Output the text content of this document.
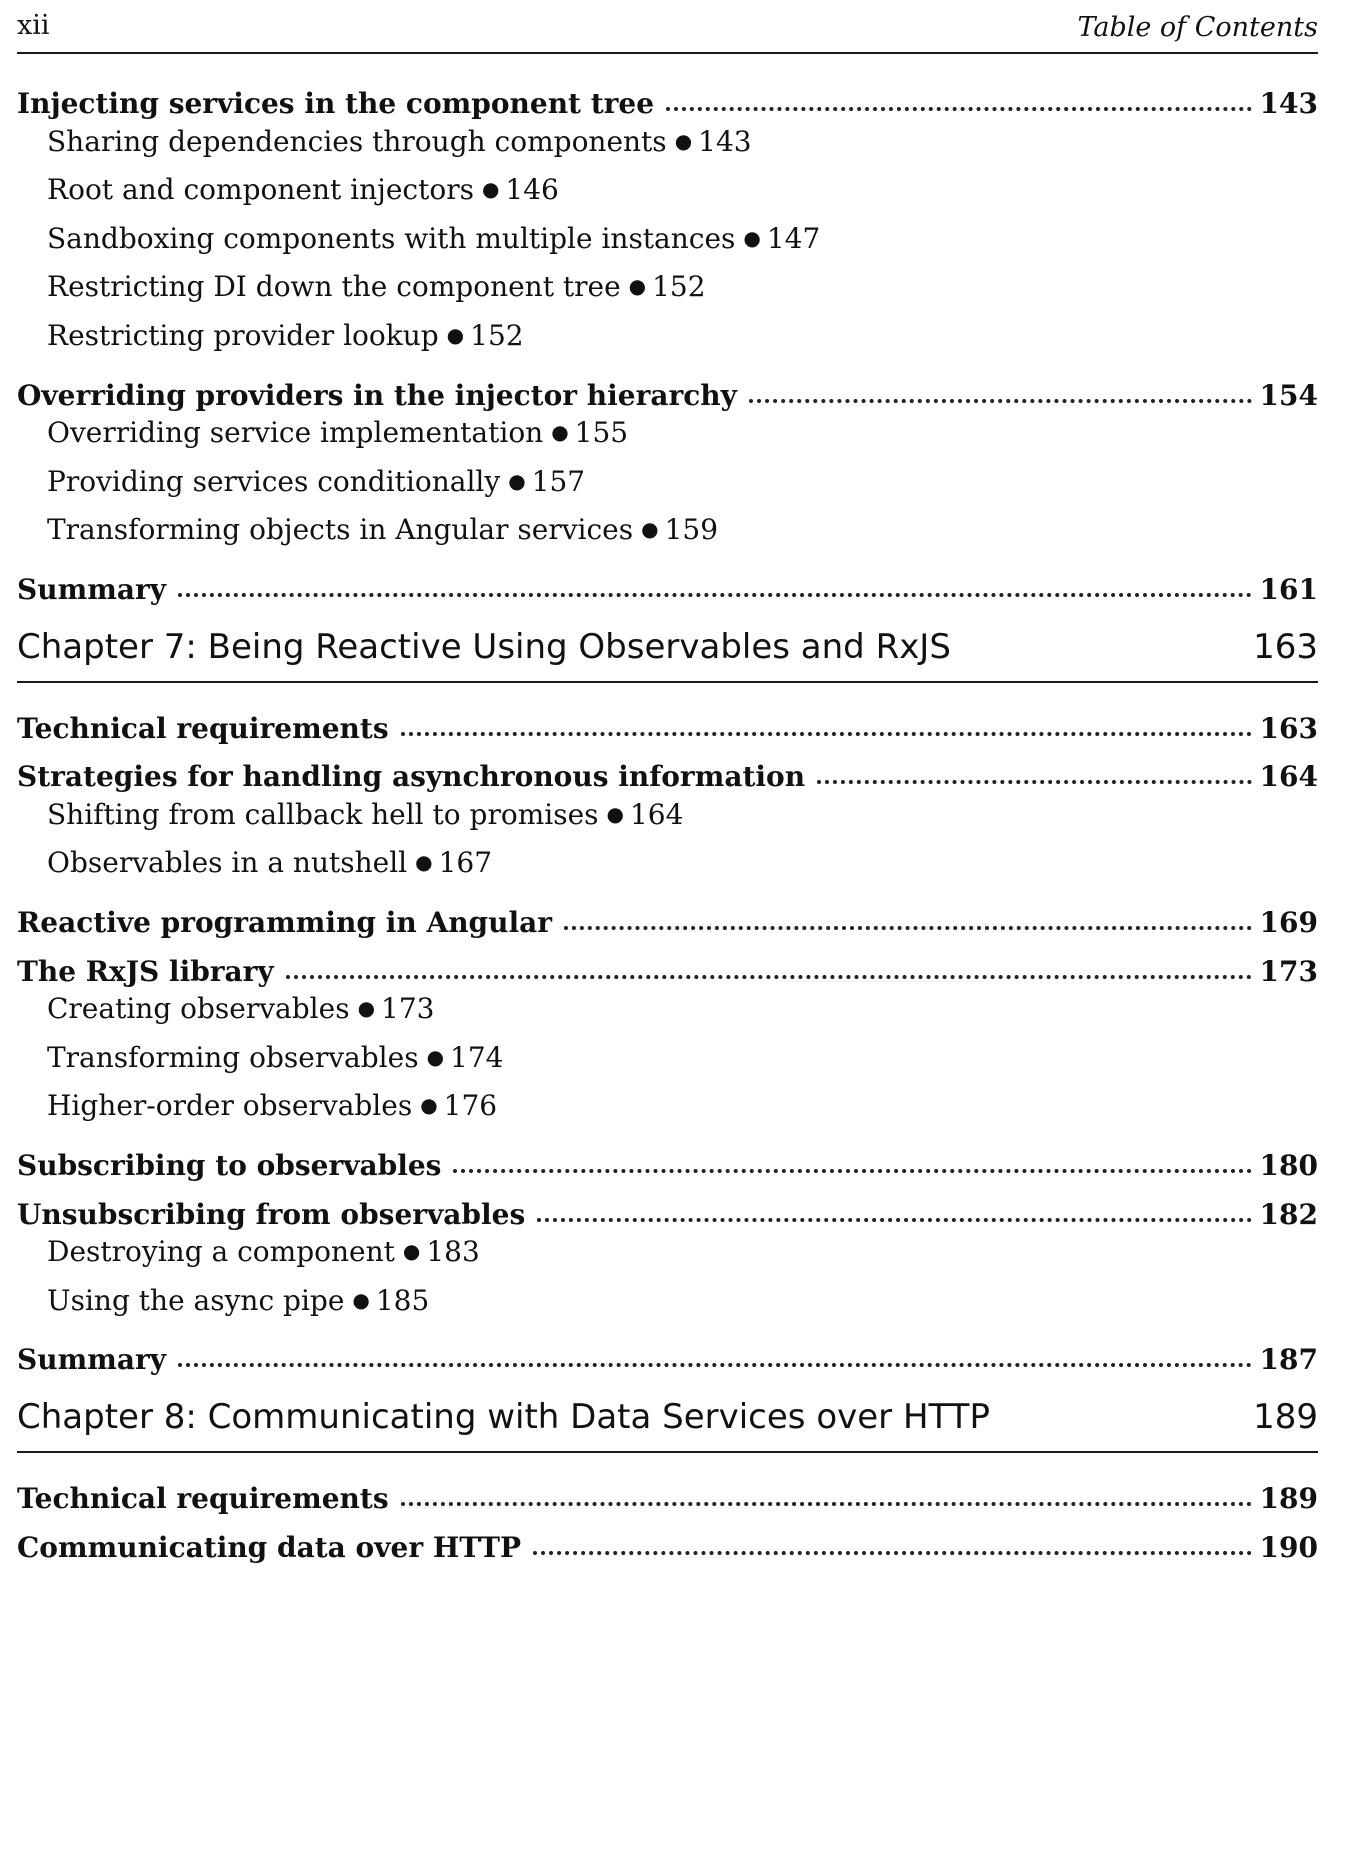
xii	Table of Contents
Injecting services in the component tree	143
Sharing dependencies through components ● 143
Root and component injectors ● 146
Sandboxing components with multiple instances ● 147
Restricting DI down the component tree ● 152
Restricting provider lookup ● 152
Overriding providers in the injector hierarchy	154
Overriding service implementation ● 155
Providing services conditionally ● 157
Transforming objects in Angular services ● 159
Summary	161
Chapter 7: Being Reactive Using Observables and RxJS	163
Technical requirements	163
Strategies for handling asynchronous information	164
Shifting from callback hell to promises ● 164
Observables in a nutshell ● 167
Reactive programming in Angular	169
The RxJS library	173
Creating observables ● 173
Transforming observables ● 174
Higher-order observables ● 176
Subscribing to observables	180
Unsubscribing from observables	182
Destroying a component ● 183
Using the async pipe ● 185
Summary	187
Chapter 8: Communicating with Data Services over HTTP	189
Technical requirements	189
Communicating data over HTTP	190
